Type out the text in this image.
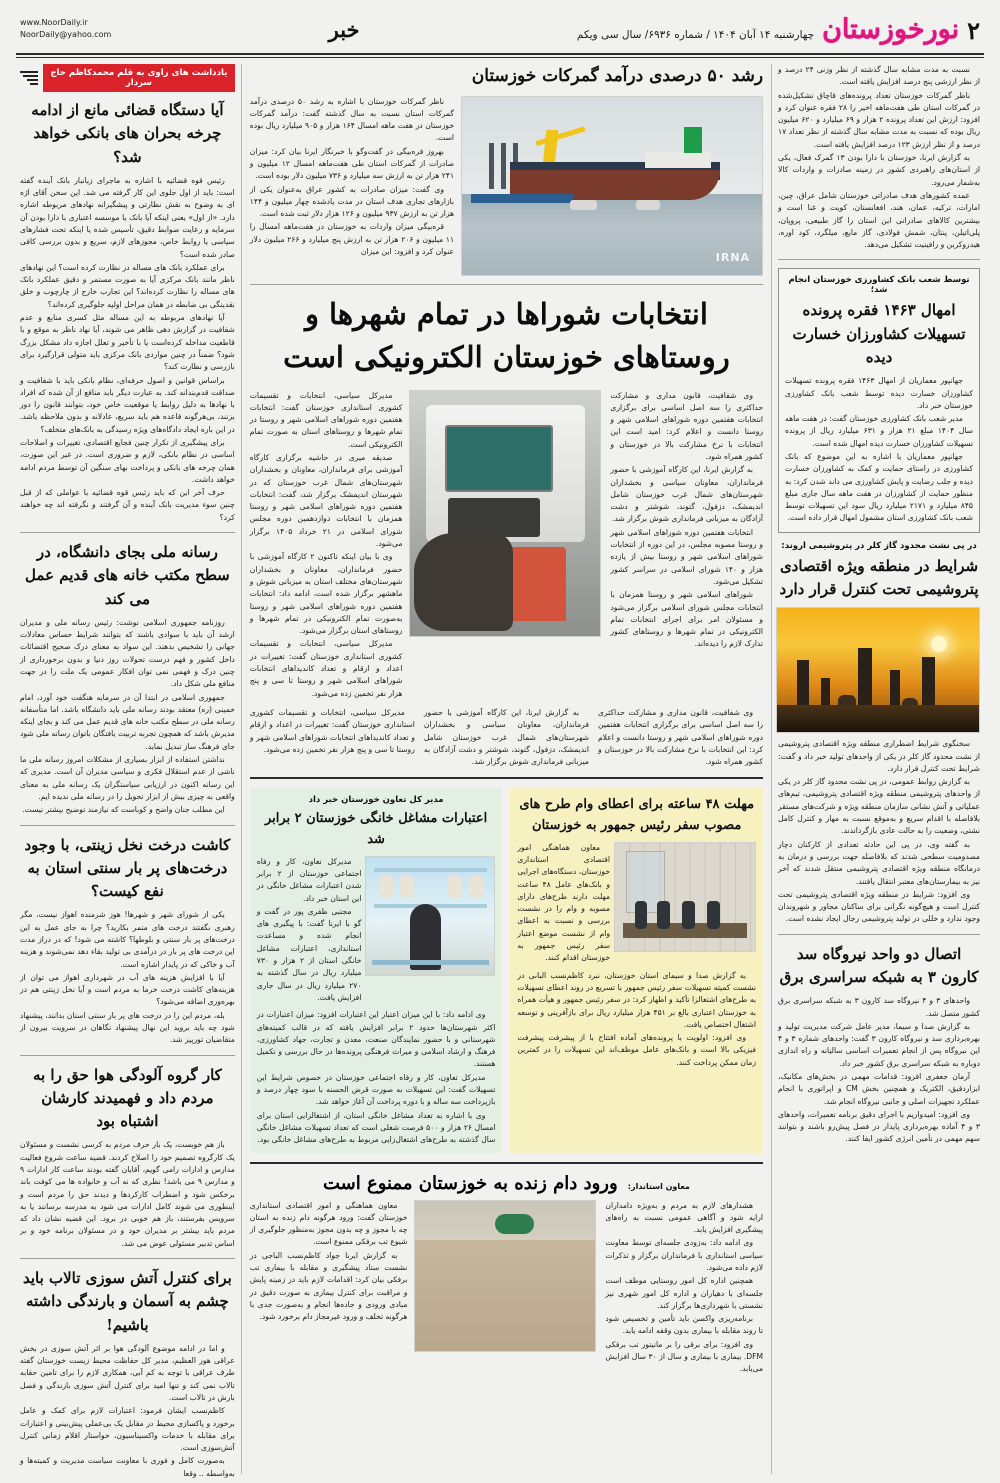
۲
نورخوزستان
چهارشنبه ۱۴ آبان ۱۴۰۴ / شماره ۶۹۳۶/ سال سی ویکم
خبر
www.NoorDaily.ir
NoorDaily@yahoo.com

نسبت به مدت مشابه سال گذشته از نظر وزنی ۲۴ درصد و از نظر ارزشی پنج درصد افزایش یافته است.

ناظر گمرکات خوزستان تعداد پرونده‌های قاچاق تشکیل‌شده در گمرکات استان طی هفت‌ماهه اخیر را ۲۸ فقره عنوان کرد و افزود: ارزش این تعداد پرونده ۲ هزار و ۶۹ میلیارد و ۶۲۰ میلیون ریال بوده که نسبت به مدت مشابه سال گذشته از نظر تعداد ۱۷ درصد و از نظر ارزش ۱۲۳ درصد افزایش یافته است.

به گزارش ایرنا، خوزستان با دارا بودن ۱۳ گمرک فعال، یکی از استان‌های راهبردی کشور در زمینه صادرات و واردات کالا به‌شمار می‌رود.

عمده کشورهای هدف صادراتی خوزستان شامل عراق، چین، امارات، ترکیه، عمان، هند، افغانستان، کویت و غنا است و بیشترین کالاهای صادراتی این استان را گاز طبیعی، پروپان، پلی‌اتیلن، پنتان، شمش فولادی، گاز مایع، میلگرد، کود اوره، هیدروکربن و رافینیت تشکیل می‌دهد.

توسط شعب بانک کشاورزی خوزستان انجام شد؛
امهال ۱۴۶۳ فقره پرونده تسهیلات کشاورزان خسارت دیده

جهانپور معماریان از امهال ۱۴۶۳ فقره پرونده تسهیلات کشاورزان خسارت دیده توسط شعب بانک کشاورزی خوزستان خبر داد.

مدیر شعب بانک کشاورزی خوزستان گفت: در هفت ماهه سال ۱۴۰۴ مبلغ ۲۱ هزار و ۶۳۱ میلیارد ریال از پرونده تسهیلات کشاورزان خسارت دیده امهال شده است.

جهانپور معماریان با اشاره به این موضوع که بانک کشاورزی در راستای حمایت و کمک به کشاورزان خسارت دیده و جلب رضایت و پایش کشاورزی می داند شدن کرد: به منظور حمایت از کشاورزان در هفت ماهه سال جاری مبلغ ۸۴۵ میلیارد و ۲۱۷۱ میلیارد ریال سود این تسهیلات توسط شعب بانک کشاورزی استان مشمول امهال قرار داده است.

در پی نشت محدود گاز کلر در پتروشیمی اروند:
شرایط در منطقه ویژه اقتصادی پتروشیمی تحت کنترل قرار دارد

سخنگوی شرایط اضطراری منطقه ویژه اقتصادی پتروشیمی از نشت محدود گاز کلر در یکی از واحدهای تولید خبر داد و گفت: شرایط تحت کنترل قرار دارد.

به گزارش روابط عمومی، در پی نشت محدود گاز کلر در یکی از واحدهای پتروشیمی منطقه ویژه اقتصادی پتروشیمی، تیم‌های عملیاتی و آتش نشانی سازمان منطقه ویژه و شرکت‌های مستقر بلافاصله با اقدام سریع و به‌موقع نسبت به مهار و کنترل کامل نشتی، وضعیت را به حالت عادی بازگرداندند.

به گفته وی، در پی این حادثه تعدادی از کارکنان دچار مصدومیت سطحی شدند که بلافاصله جهت بررسی و درمان به درمانگاه منطقه ویژه اقتصادی پتروشیمی منتقل شدند که آخر نیز به بیمارستان‌های معتبر انتقال یافتند.

وی افزود: شرایط در منطقه ویژه اقتصادی پتروشیمی تحت کنترل است و هیچ‌گونه نگرانی برای ساکنان مجاور و شهروندان وجود ندارد و خللی در تولید پتروشیمی رجال ایجاد نشده است.

اتصال دو واحد نیروگاه سد کارون ۳ به شبکه سراسری برق

واحدهای ۳ و ۴ نیروگاه سد کارون ۳ به شبکه سراسری برق کشور متصل شد.

به گزارش صدا و سیما، مدیر عامل شرکت مدیریت تولید و بهره‌برداری سد و نیروگاه کارون ۳ گفت: واحدهای شماره ۳ و ۴ این نیروگاه پس از انجام تعمیرات اساسی سالیانه و راه اندازی دوباره به شبکه سراسری برق کشور خبر داد.

آرمان جعفری افزود: قدامات مهمی در بخش‌های مکانیک، ابزاردقیق، الکتریک و همچنین بخش CM و اپراتوری با انجام عملکرد تجهیزات اصلی و جانبی نیروگاه انجام شد.

وی افزود: امیدواریم با اجرای دقیق برنامه تعمیرات، واحدهای ۳ و ۴ آماده بهره‌برداری پایدار در فصل پیش‌رو باشند و بتوانند سهم مهمی در تأمین انرژی کشور ایفا کنند.

رشد ۵۰ درصدی درآمد گمرکات خوزستان
IRNA

ناظر گمرکات خوزستان با اشاره به رشد ۵۰ درصدی درآمد گمرکات استان نسبت به سال گذشته گفت: درآمد گمرکات خوزستان در هفت ماهه امسال ۱۶۴ هزار و ۹۰۵ میلیارد ریال بوده است.

بهروز قره‌بیگی در گفت‌وگو با خبرنگار ایرنا بیان کرد: میزان صادرات از گمرکات استان طی هفت‌ماهه امسال ۱۲ میلیون و ۲۴۱ هزار تن به ارزش سه میلیارد و ۷۳۶ میلیون دلار بوده است.

وی گفت: میزان صادرات به کشور عراق به‌عنوان یکی از بازارهای تجاری هدف استان در مدت یادشده چهار میلیون و ۱۴۴ هزار تن به ارزش ۹۳۷ میلیون و ۱۲۶ هزار دلار ثبت شده است.

قره‌بیگی میزان واردات به خوزستان در هفت‌ماهه امسال را ۱۱ میلیون و ۲۰۶ هزار تن به ارزش پنج میلیارد و ۲۶۶ میلیون دلار عنوان کرد و افزود: این میزان

انتخابات شوراها در تمام شهرها و روستاهای خوزستان الکترونیکی است

وی شفافیت، قانون مداری و مشارکت حداکثری را سه اصل اساسی برای برگزاری انتخابات هفتمین دوره شوراهای اسلامی شهر و روستا دانست و اعلام کرد: امید است این انتخابات با نرخ مشارکت بالا در خوزستان و کشور همراه شود.

به گزارش ایرنا، این کارگاه آموزشی با حضور فرمانداران، معاونان سیاسی و بخشداران شهرستان‌های شمال غرب خوزستان شامل اندیمشک، دزفول، گتوند، شوشتر و دشت آزادگان به میزبانی فرمانداری شوش برگزار شد.

انتخابات هفتمین دوره شوراهای اسلامی شهر و روستا مصوبه مجلس، در این دوره از انتخابات شوراهای اسلامی شهر و روستا بیش از یازده هزار و ۱۴۰ شورای اسلامی در سراسر کشور تشکیل می‌شود.

شوراهای اسلامی شهر و روستا همزمان با انتخابات مجلس شورای اسلامی برگزار می‌شود و مسئولان امر برای اجرای انتخابات تمام الکترونیکی در تمام شهرها و روستاهای کشور تدارک لازم را دیده‌اند.

مدیرکل سیاسی، انتخابات و تقسیمات کشوری استانداری خوزستان گفت: انتخابات هفتمین دوره شوراهای اسلامی شهر و روستا در تمام شهرها و روستاهای استان به صورت تمام الکترونیکی است.

صدیقه میری در حاشیه برگزاری کارگاه آموزشی برای فرمانداران، معاونان و بخشداران شهرستان‌های شمال غرب خوزستان که در شهرستان اندیمشک برگزار شد، گفت: انتخابات هفتمین دوره شوراهای اسلامی شهر و روستا همزمان با انتخابات دوازدهمین دوره مجلس شورای اسلامی در ۲۱ خرداد ۱۴۰۵ برگزار می‌شود.

وی با بیان اینکه تاکنون ۲ کارگاه آموزشی با حضور فرمانداران، معاونان و بخشداران شهرستان‌های مختلف استان به میزبانی شوش و ماهشهر برگزار شده است، ادامه داد: انتخابات هفتمین دوره شوراهای اسلامی شهر و روستا به‌صورت تمام الکترونیکی در تمام شهرها و روستاهای استان برگزار می‌شود.

مدیرکل سیاسی، انتخابات و تقسیمات کشوری استانداری خوزستان گفت: تغییرات در اعداد و ارقام و تعداد کاندیداهای انتخابات شوراهای اسلامی شهر و روستا تا سی و پنج هزار نفر تخمین زده می‌شود.

وی شفافیت، قانون مداری و مشارکت حداکثری را سه اصل اساسی برای برگزاری انتخابات هفتمین دوره شوراهای اسلامی شهر و روستا دانست و اعلام کرد: این انتخابات با نرخ مشارکت بالا در خوزستان و کشور همراه شود.

به گزارش ایرنا، این کارگاه آموزشی با حضور فرمانداران، معاونان سیاسی و بخشداران شهرستان‌های شمال غرب خوزستان شامل اندیمشک، دزفول، گتوند، شوشتر و دشت آزادگان به میزبانی فرمانداری شوش برگزار شد.

مدیرکل سیاسی، انتخابات و تقسیمات کشوری استانداری خوزستان گفت: تغییرات در اعداد و ارقام و تعداد کاندیداهای انتخابات شوراهای اسلامی شهر و روستا تا سی و پنج هزار نفر تخمین زده می‌شود.

مهلت ۴۸ ساعته برای اعطای وام طرح های مصوب سفر رئیس جمهور به خوزستان

معاون هماهنگی امور اقتصادی استانداری خوزستان، دستگاه‌های اجرایی و بانک‌های عامل ۴۸ ساعت مهلت دارند طرح‌های دارای مصوبه و وام را در نشست بررسی و نسبت به اعطای وام از نشست موضع اعتبار سفر رئیس جمهور به خوزستان اقدام کنند.

به گزارش صدا و سیمای استان خوزستان، نبرد کاظم‌نسب البانی در نشست کمیته تسهیلات سفر رئیس جمهور با تسریع در روند اعطای تسهیلات به طرح‌های اشتغالزا تأکید و اظهار کرد: در سفر رئیس جمهور و هیأت همراه به خوزستان اعتباری بالغ بر ۴۵۱ هزار میلیارد ریال برای بازآفرینی و توسعه اشتغال اختصاص یافت.

وی افزود: اولویت با پرونده‌های آماده افتتاح با از پیشرفت پیشرفت فیزیکی بالا است و بانک‌های عامل موظف‌اند این تسهیلات را در کمترین زمان ممکن پرداخت کنند.

مدیر کل تعاون خوزستان خبر داد
اعتبارات مشاغل خانگی خوزستان ۲ برابر شد

مدیرکل تعاون، کار و رفاه اجتماعی خوزستان از ۲ برابر شدن اعتبارات مشاغل خانگی در این استان خبر داد.

مجتبی ظفری پور در گفت و گو با ایرنا گفت: با پیگیری های انجام شده و مساعدت استانداری، اعتبارات مشاغل خانگی استان از ۲ هزار و ۷۳۰ میلیارد ریال در سال گذشته به ۲۷۰ میلیارد ریال در سال جاری افزایش یافت.

وی ادامه داد: با این میزان اعتبار این اعتبارات افزود: میزان اعتبارات در اکثر شهرستان‌ها حدود ۲ برابر افزایش یافته که در قالب کمیته‌های شهرستانی و با حضور نمایندگان صنعت، معدن و تجارت، جهاد کشاورزی، فرهنگ و ارشاد اسلامی و میراث فرهنگی پرونده‌ها در حال بررسی و تکمیل هستند.

مدیرکل تعاون، کار و رفاه اجتماعی خوزستان در خصوص شرایط این تسهیلات گفت: این تسهیلات به صورت قرض الحسنه با سود چهار درصد و بازپرداخت سه ساله و با دوره پرداخت آن آغاز خواهد شد.

وی با اشاره به تعداد مشاغل خانگی استان، از اشتغالزایی استان برای امسال ۲۶ هزار و ۵۰۰ فرصت شغلی است که تعداد تسهیلات مشاغل خانگی سال گذشته به طرح‌های اشتغال‌زایی مربوط به طرح‌های مشاغل خانگی بود.

معاون استاندار: ورود دام زنده به خوزستان ممنوع است

هشدارهای لازم به مردم و به‌ویژه دامداران ارایه شود و آگاهی عمومی نسبت به راه‌های پیشگیری افزایش یابد.

وی ادامه داد: به‌زودی جلسه‌ای توسط معاونت سیاسی استانداری با فرمانداران برگزار و تذکرات لازم داده می‌شود.

همچنین اداره کل امور روستایی موظف است جلسه‌ای با دهیاران و اداره کل امور شهری نیز نشستی با شهرداری‌ها برگزار کند.

برنامه‌ریزی واکسن باید تأمین و تخصیص شود تا روند مقابله با بیماری بدون وقفه ادامه یابد.

وی افزود: برای برقی را بر مانیتور تب برفکی DFM. بیماری با بیماری و سال از ۳۰ سال افزایش می‌یابد.

معاون هماهنگی و امور اقتصادی استانداری خوزستان گفت: ورود هرگونه دام زنده به استان چه با مجوز و چه بدون مجوز به‌منظور جلوگیری از شیوع تب برفکی ممنوع است.

به گزارش ایرنا جواد کاظم‌نسب الباجی در نشست ستاد پیشگیری و مقابله با بیماری تب برفکی بیان کرد: اقدامات لازم باید در زمینه پایش و مراقبت برای کنترل بیماری به صورت دقیق در مبادی ورودی و جاده‌ها انجام و به‌صورت جدی با هرگونه تخلف و ورود غیرمجاز دام برخورد شود.

یادداشت های راوی به قلم محمدکاظم حاج سردار
آیا دستگاه قضائی مانع از ادامه چرخه بحران های بانکی خواهد شد؟

رئیس قوه قضائیه با اشاره به ماجرای زیانبار بانک آینده گفته است: باید از اول جلوی این کار گرفته می شد. این سخن آقای اژه ای به وضوح به نقش نظارتی و پیشگیرانه نهادهای مربوطه اشاره دارد. «از اول» یعنی اینکه آیا بانک یا موسسه اعتباری با دارا بودن آن سرمایه و رعایت ضوابط دقیق، تأسیس شده یا اینکه تحت فشارهای سیاسی یا روابط خاص، مجوزهای لازم، سریع و بدون بررسی کافی صادر شده است؟

برای عملکرد بانک های مساله در نظارت کرده است؟ این نهادهای ناظر مانند بانک مرکزی آیا به صورت مستمر و دقیق عملکرد بانک های مساله را نظارت کرده‌اند؟ این تجارب خارج از چارچوب و خلق نقدینگی بی ضابطه در همان مراحل اولیه جلوگیری کرده‌اند؟

آیا نهادهای مربوطه به این مساله مثل کسری منابع و عدم شفافیت در گزارش دهی ظاهر می شوند، آیا نهاد ناظر به موقع و با قاطعیت مداخله کرده‌است یا با تأخیر و تعلل اجازه داد مشکل بزرگ شود؟ ضمناً در چنین مواردی بانک مرکزی باید متولی قرارگیرد برای بازرسی و نظارت کند؟

براساس قوانین و اصول حرفه‌ای، نظام بانکی باید با شفافیت و صداقت قدم‌بندانه کند. به عبارت دیگر باید منافع از آن شده که افراد با نهادها به دلیل روابط یا موقعیت خاص خود، بتوانند قانون را دور بزنند، بی‌هرگونه قاعده هم باید سریع، عادلانه و بدون ملاحظه باشد. در این باره ایجاد دادگاه‌های ویژه رسیدگی به بانک‌های متخلف؟

برای پیشگیری از تکرار چنین فجایع اقتصادی، تغییرات و اصلاحات اساسی در نظام بانکی، لازم و ضروری است. در غیر این صورت، همان چرخه های بانکی و پرداخت بهای سنگین آن توسط مردم ادامه خواهد داشت.

حرف آخر این که باید رئیس قوه قضائیه با عواملی که از قبل چنین سوء مدیریت بانک آینده و آن گرفتند و نگرفته اند چه خواهند کرد؟

رسانه ملی بجای دانشگاه، در سطح مکتب خانه های قدیم عمل می کند

روزنامه جمهوری اسلامی نوشت: رئیس رسانه ملی و مدیران ارشد آن باید با سوادی باشند که بتوانند شرایط حساس معادلات جهانی را تشخیص بدهند. این سواد به معنای درک صحیح اقتضائات داخل کشور و فهم درست تحولات روز دنیا و بدون برخورداری از چنین درک و فهمی نمی توان افکار عمومی یک ملت را در جهت منافع ملی شکل داد.

جمهوری اسلامی در ابتدا آن در سرمایه هنگفت خود آورد، امام خمینی (ره) معتقد بودند رسانه ملی باید دانشگاه باشد. اما متأسفانه رسانه ملی در سطح مکتب خانه های قدیم عمل می کند و بجای اینکه مدیرش باشد که همچون تجربه تربیت یافتگان باتوان رسانه ملی شود جای فرهنگ ساز تبدیل نماید.

نداشتن استفاده از ابزار بسیاری از مشکلات امروز رسانه ملی ما ناشی از عدم استقلال فکری و سیاسی مدیران آن است. مدیری که این رسانه اکنون در ارزیابی سیاستگران یک رسانه ملی به معنای واقعی به چیزی بیش از ابزار تحویل را در رسانه ملی ندیده ایم.

این مطلب جنان واضح و کوباست که نیازمند توضیح بیشتر نیست.

کاشت درخت نخل زینتی، با وجود درخت‌های پر بار سنتی استان به نفع کیست؟

یکی از شورای شهر و شهرها! هوز شرمنده اهواز نیست، مگر رهبری نگفتند درخت های متمر بکارید؟ چرا به جای عمل به این درخت‌های پر بار سنتی و بلوطها؟ کاشته می شود! که در دراز مدت این درخت های پر بار در درآمدی بی تولید بقاء دهد نمی‌شوند و هزینه آب و خاکی که در پایدار اشاره است.

آیا با افزایش هزینه های آب در شهرداری اهواز می توان از هزینه‌های کاشت درخت خرما به مردم است و آیا نخل زینتی هم در بهره‌وری اضافه می‌شود؟

بله، مردم این را در درخت های پر بار سنتی استان بدانند، پیشنهاد شود چه باید بروید این نهال پیشنهاد نگاهان در سرویت بیرون از متقاضیان تورپیز شد.

کار گروه آلودگی هوا حق را به مردم داد و فهمیدند کارشان اشتباه بود

باز هم خوبست، یک بار حرف مردم به کرسی نشست و مسئولان یک کارگروه تصمیم خود را اصلاح کردند. قضیه ساعت شروع فعالیت مدارس و ادارات رامی گویم، آقایان گفته بودند ساعت کار ادارات ۹ و مدارس ۹ می باشد! نظری که نه آب و خانواده ها می کوفت باند برخکس شود و اضطراب کارکردها و دیدند حق را مردم است و اینطوری می شوند کامل ادارات می شود به مدرسه برسانند یا به سرویس بفرستند، باز هم خوبی در برود. این قضیه نشان داد که مردم باید بیشتر بر مدیران خود و در مسئولان برنامه خود و بر اساس تدبیر مسئولی عوض می شد.

برای کنترل آتش سوزی تالاب باید چشم به آسمان و بارندگی داشته باشیم!

و اما در ادامه موضوع آلودگی هوا بر اثر آتش سوزی در بخش عراقی هور العظیم، مدیر کل حفاظت محیط زیست خوزستان گفته طرف عراقی با توجه به کم آبی، همکاری لازم را برای تامین حقابه تالاب نمی کند و تنها امید برای کنترل آتش سوزی بارندگی و فصل بارش در تالاب است.

کاظم‌نسب ایشان فرمود: اعتبارات لازم برای کمک و عامل برخورد و پاکسازی محیط در مقابل یک بی‌عملی پیش‌بینی و اعتبارات برای مقابله با خدمات واکسیناسیون، خواستار اقلام زمانی کنترل آتش‌سوزی است.

به‌صورت کامل و فوری با معاونت سیاست مدیریت و کمیته‌ها و به‌واسطه .. وقعا
